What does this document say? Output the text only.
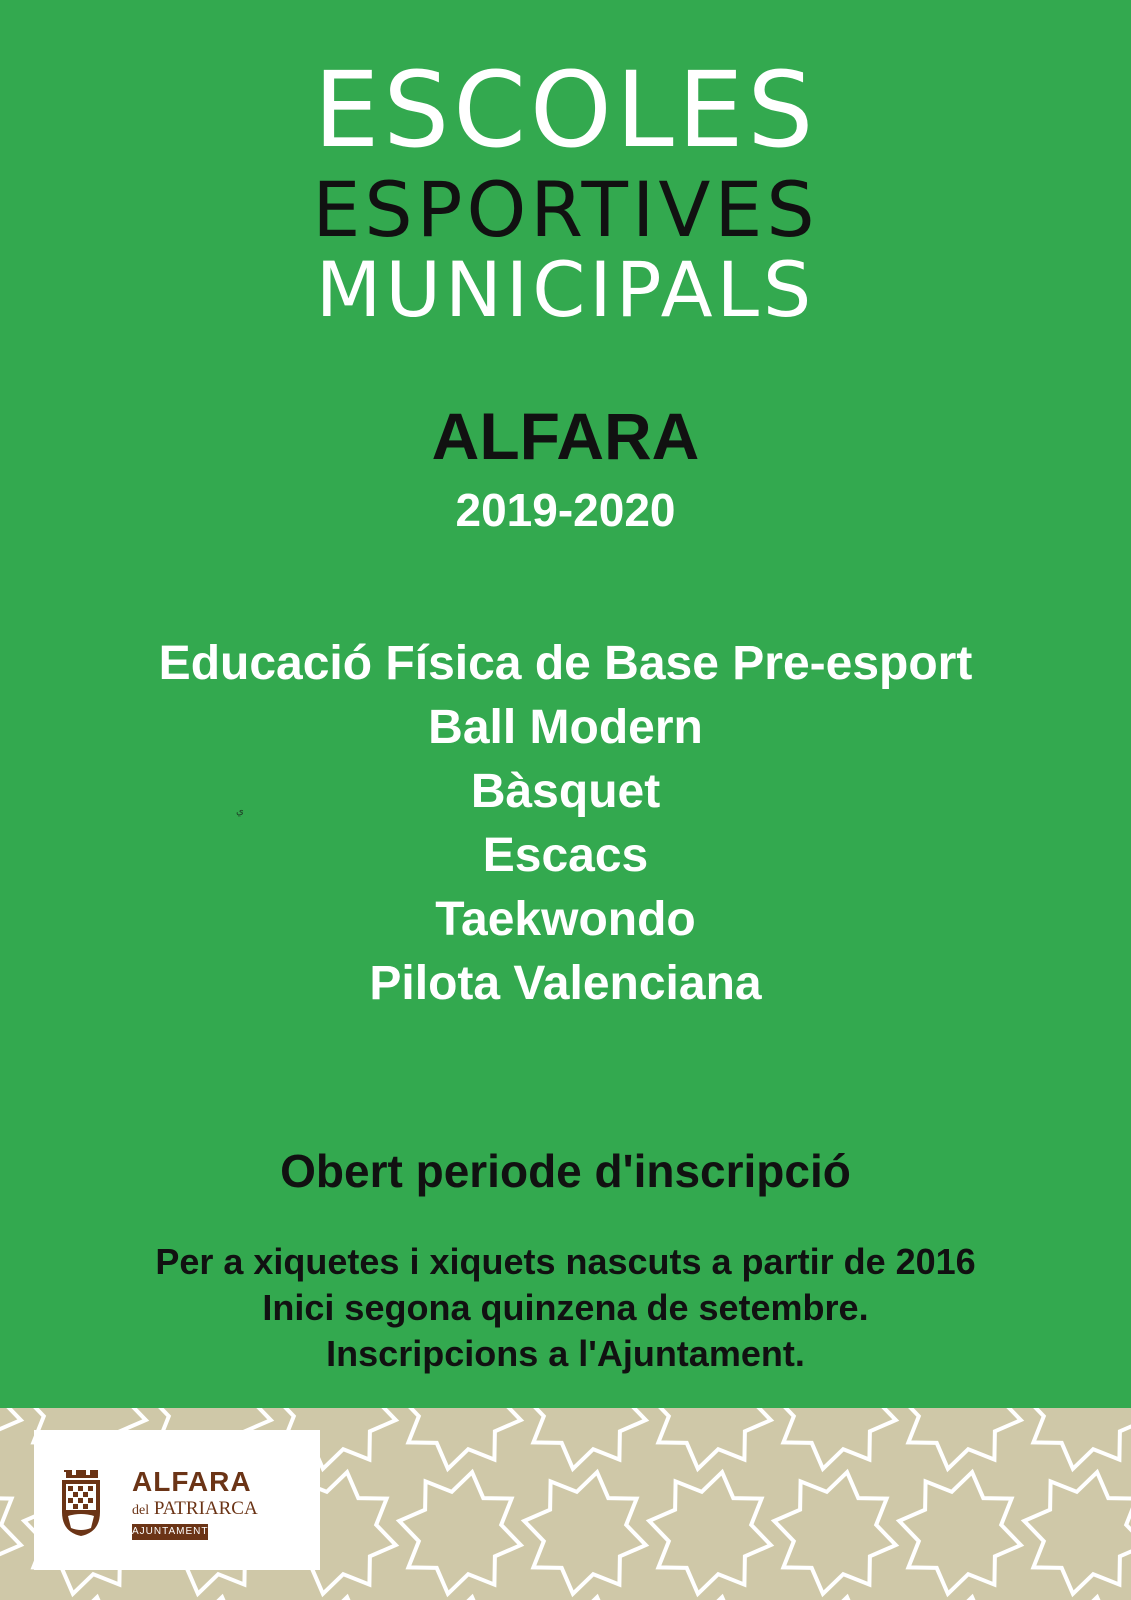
ESCOLES
ESPORTIVES
MUNICIPALS
ALFARA
2019-2020
Educació Física de Base Pre-esport
Ball Modern
Bàsquet
Escacs
Taekwondo
Pilota Valenciana
ي
Obert periode d'inscripció
Per a xiquetes i xiquets nascuts a partir de 2016
Inici segona quinzena de setembre.
Inscripcions a l'Ajuntament.
ALFARA
del PATRIARCA
AJUNTAMENT
